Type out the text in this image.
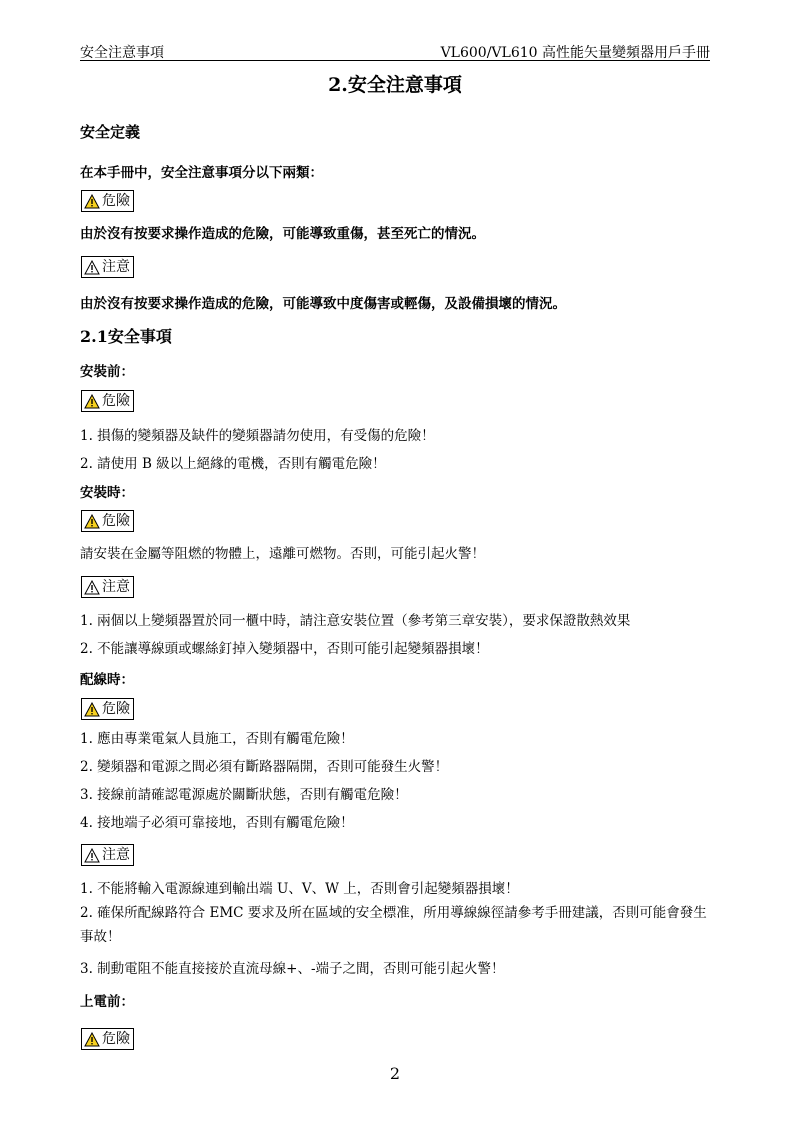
安全注意事項	VL600/VL610 高性能矢量變頻器用戶手冊
2.安全注意事項
安全定義
在本手冊中，安全注意事項分以下兩類：
危險
由於沒有按要求操作造成的危險，可能導致重傷，甚至死亡的情況。
注意
由於沒有按要求操作造成的危險，可能導致中度傷害或輕傷，及設備損壞的情況。
2.1安全事項
安裝前：
危險
1. 損傷的變頻器及缺件的變頻器請勿使用，有受傷的危險！
2. 請使用 B 級以上絕緣的電機，否則有觸電危險！
安裝時：
危險
請安裝在金屬等阻燃的物體上，遠離可燃物。否則，可能引起火警！
注意
1. 兩個以上變頻器置於同一櫃中時，請注意安裝位置（參考第三章安裝），要求保證散熱效果
2. 不能讓導線頭或螺絲釘掉入變頻器中，否則可能引起變頻器損壞！
配線時：
危險
1. 應由專業電氣人員施工，否則有觸電危險！
2. 變頻器和電源之間必須有斷路器隔開，否則可能發生火警！
3. 接線前請確認電源處於關斷狀態，否則有觸電危險！
4. 接地端子必須可靠接地，否則有觸電危險！
注意
1. 不能將輸入電源線連到輸出端 U、V、W 上，否則會引起變頻器損壞！
2. 確保所配線路符合 EMC 要求及所在區域的安全標准，所用導線線徑請參考手冊建議，否則可能會發生事故！
3. 制動電阻不能直接接於直流母線+、-端子之間，否則可能引起火警！
上電前：
危險
2
